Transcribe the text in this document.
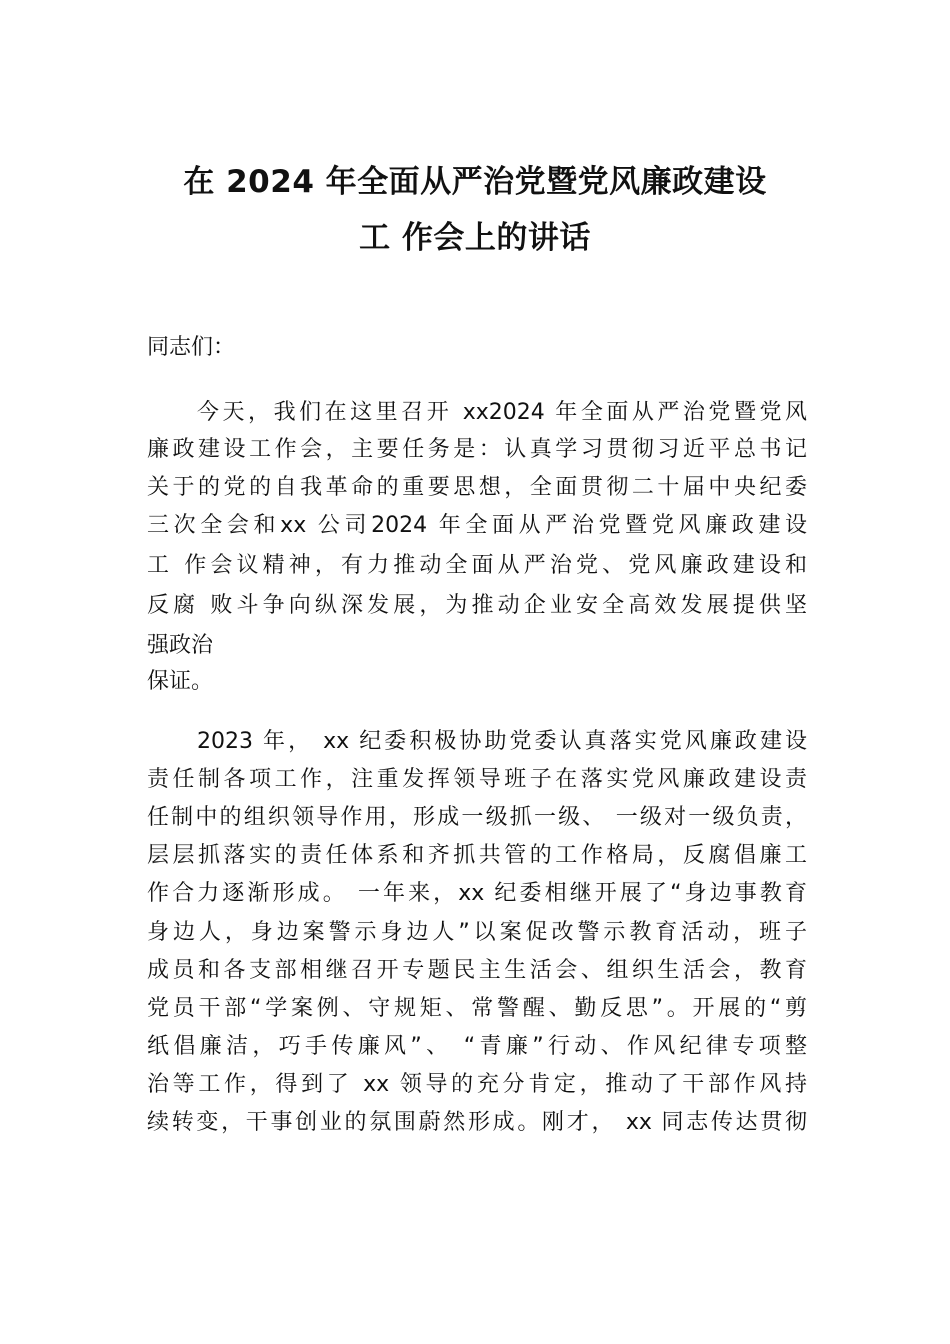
在 2024 年全面从严治党暨党风廉政建设
工 作会上的讲话

同志们：

今天，我们在这里召开 xx2024 年全面从严治党暨党风

廉政建设工作会，主要任务是：认真学习贯彻习近平总书记

关于的党的自我革命的重要思想，全面贯彻二十届中央纪委

三次全会和xx 公司2024 年全面从严治党暨党风廉政建设

工 作会议精神，有力推动全面从严治党、党风廉政建设和

反腐 败斗争向纵深发展，为推动企业安全高效发展提供坚

强政治

保证。

2023 年， xx 纪委积极协助党委认真落实党风廉政建设

责任制各项工作，注重发挥领导班子在落实党风廉政建设责

任制中的组织领导作用，形成一级抓一级、 一级对一级负责，

层层抓落实的责任体系和齐抓共管的工作格局，反腐倡廉工

作合力逐渐形成。 一年来，xx 纪委相继开展了“身边事教育

身边人，身边案警示身边人”以案促改警示教育活动，班子

成员和各支部相继召开专题民主生活会、组织生活会，教育

党员干部“学案例、守规矩、常警醒、勤反思”。开展的“剪

纸倡廉洁，巧手传廉风”、 “青廉”行动、作风纪律专项整

治等工作，得到了 xx 领导的充分肯定，推动了干部作风持

续转变，干事创业的氛围蔚然形成。刚才， xx 同志传达贯彻
